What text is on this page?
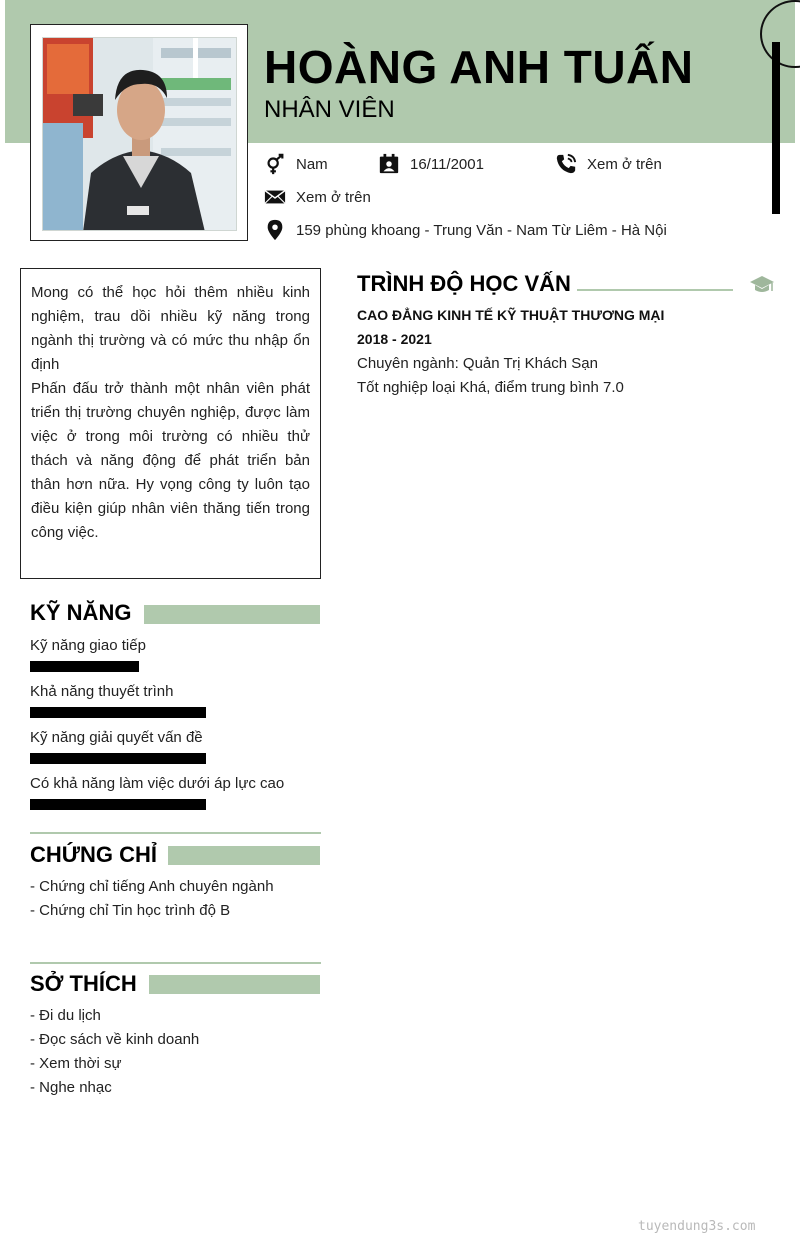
HOÀNG ANH TUẤN
NHÂN VIÊN
Nam	16/11/2001	Xem ở trên
Xem ở trên
159 phùng khoang - Trung Văn - Nam Từ Liêm - Hà Nội
Mong có thể học hỏi thêm nhiều kinh nghiệm, trau dồi nhiều kỹ năng trong ngành thị trường và có mức thu nhập ổn định
Phấn đấu trở thành một nhân viên phát triển thị trường chuyên nghiệp, được làm việc ở trong môi trường có nhiều thử thách và năng động để phát triển bản thân hơn nữa. Hy vọng công ty luôn tạo điều kiện giúp nhân viên thăng tiến trong công việc.
KỸ NĂNG
Kỹ năng giao tiếp
Khả năng thuyết trình
Kỹ năng giải quyết vấn đề
Có khả năng làm việc dưới áp lực cao
CHỨNG CHỈ
- Chứng chỉ tiếng Anh chuyên ngành
- Chứng chỉ Tin học trình độ B
SỞ THÍCH
- Đi du lịch
- Đọc sách về kinh doanh
- Xem thời sự
- Nghe nhạc
TRÌNH ĐỘ HỌC VẤN
CAO ĐẲNG KINH TẾ KỸ THUẬT THƯƠNG MẠI
2018 - 2021
Chuyên ngành: Quản Trị Khách Sạn
Tốt nghiệp loại Khá, điểm trung bình 7.0
tuyendung3s.com
